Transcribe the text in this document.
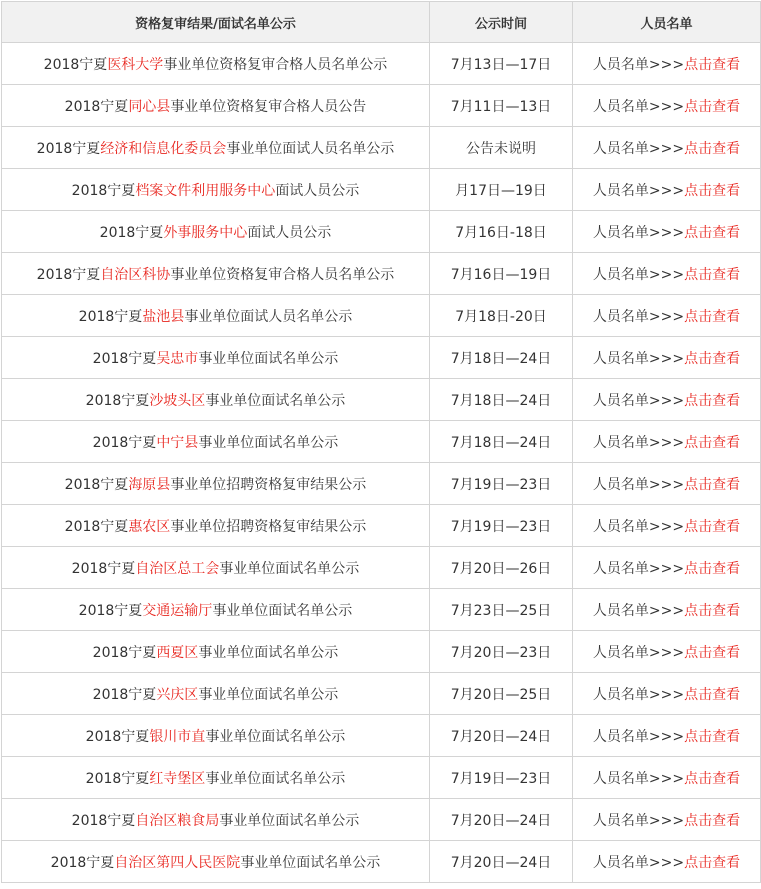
资格复审结果/面试名单公示	公示时间	人员名单
2018宁夏医科大学事业单位资格复审合格人员名单公示	7月13日—17日	人员名单>>>点击查看
2018宁夏同心县事业单位资格复审合格人员公告	7月11日—13日	人员名单>>>点击查看
2018宁夏经济和信息化委员会事业单位面试人员名单公示	公告未说明	人员名单>>>点击查看
2018宁夏档案文件利用服务中心面试人员公示	月17日—19日	人员名单>>>点击查看
2018宁夏外事服务中心面试人员公示	7月16日-18日	人员名单>>>点击查看
2018宁夏自治区科协事业单位资格复审合格人员名单公示	7月16日—19日	人员名单>>>点击查看
2018宁夏盐池县事业单位面试人员名单公示	7月18日-20日	人员名单>>>点击查看
2018宁夏吴忠市事业单位面试名单公示	7月18日—24日	人员名单>>>点击查看
2018宁夏沙坡头区事业单位面试名单公示	7月18日—24日	人员名单>>>点击查看
2018宁夏中宁县事业单位面试名单公示	7月18日—24日	人员名单>>>点击查看
2018宁夏海原县事业单位招聘资格复审结果公示	7月19日—23日	人员名单>>>点击查看
2018宁夏惠农区事业单位招聘资格复审结果公示	7月19日—23日	人员名单>>>点击查看
2018宁夏自治区总工会事业单位面试名单公示	7月20日—26日	人员名单>>>点击查看
2018宁夏交通运输厅事业单位面试名单公示	7月23日—25日	人员名单>>>点击查看
2018宁夏西夏区事业单位面试名单公示	7月20日—23日	人员名单>>>点击查看
2018宁夏兴庆区事业单位面试名单公示	7月20日—25日	人员名单>>>点击查看
2018宁夏银川市直事业单位面试名单公示	7月20日—24日	人员名单>>>点击查看
2018宁夏红寺堡区事业单位面试名单公示	7月19日—23日	人员名单>>>点击查看
2018宁夏自治区粮食局事业单位面试名单公示	7月20日—24日	人员名单>>>点击查看
2018宁夏自治区第四人民医院事业单位面试名单公示	7月20日—24日	人员名单>>>点击查看
